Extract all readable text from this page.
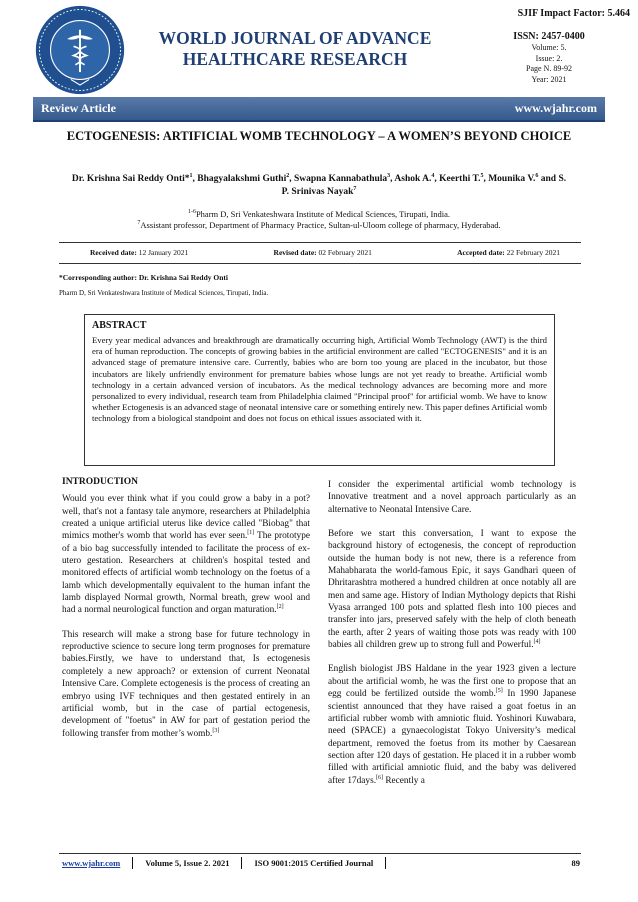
WORLD JOURNAL OF ADVANCE HEALTHCARE RESEARCH
SJIF Impact Factor: 5.464
ISSN: 2457-0400
Volume: 5.
Issue: 2.
Page N. 89-92
Year: 2021
Review Article	www.wjahr.com
ECTOGENESIS: ARTIFICIAL WOMB TECHNOLOGY – A WOMEN’S BEYOND CHOICE
Dr. Krishna Sai Reddy Onti*$^1$, Bhagyalakshmi Guthi$^2$, Swapna Kannabathula$^3$, Ashok A.$^4$, Keerthi T.$^5$, Mounika V.$^6$ and S. P. Srinivas Nayak$^7$
$^{1-6}$Pharm D, Sri Venkateshwara Institute of Medical Sciences, Tirupati, India.
$^7$Assistant professor, Department of Pharmacy Practice, Sultan-ul-Uloom college of pharmacy, Hyderabad.
Received date: 12 January 2021	Revised date: 02 February 2021	Accepted date: 22 February 2021
*Corresponding author: Dr. Krishna Sai Reddy Onti
Pharm D, Sri Venkateshwara Institute of Medical Sciences, Tirupati, India.
ABSTRACT

Every year medical advances and breakthrough are dramatically occurring high, Artificial Womb Technology (AWT) is the third era of human reproduction. The concepts of growing babies in the artificial environment are called "ECTOGENESIS" and it is an advanced stage of premature intensive care. Currently, babies who are born too young are placed in the incubator, but those incubators are likely unfriendly environment for premature babies whose lungs are not yet ready to breathe. Artificial womb technology in a certain advanced version of incubators. As the medical technology advances are becoming more and more personalized to every individual, research team from Philadelphia claimed "Principal proof" for artificial womb. We have to know whether Ectogenesis is an advanced stage of neonatal intensive care or something entirely new. This paper defines Artificial womb technology from a biological standpoint and does not focus on ethical issues associated with it.

INTRODUCTION

Would you ever think what if you could grow a baby in a pot? well, that's not a fantasy tale anymore, researchers at Philadelphia created a unique artificial uterus like device called "Biobag" that mimics mother's womb that world has ever seen.[1] The prototype of a bio bag successfully intended to facilitate the process of ex-utero gestation. Researchers at children's hospital tested and monitored effects of artificial womb technology on the foetus of a lamb which developmentally equivalent to the human infant the lamb displayed Normal growth, Normal breath, grew wool and had a normal neurological function and organ maturation.[2]

This research will make a strong base for future technology in reproductive science to secure long term prognoses for premature babies.Firstly, we have to understand that, Is ectogenesis completely a new approach? or extension of current Neonatal Intensive Care. Complete ectogenesis is the process of creating an embryo using IVF techniques and then gestated entirely in an artificial womb, but in the case of partial ectogenesis, development of "foetus" in AW for part of gestation period the following transfer from mother’s womb.[3]

I consider the experimental artificial womb technology is Innovative treatment and a novel approach particularly as an alternative to Neonatal Intensive Care.

Before we start this conversation, I want to expose the background history of ectogenesis, the concept of reproduction outside the human body is not new, there is a reference from Mahabharata the world-famous Epic, it says Gandhari queen of Dhritarashtra mothered a hundred children at once notably all are men and same age. History of Indian Mythology depicts that Rishi Vyasa arranged 100 pots and splatted flesh into 100 pieces and transfer into jars, preserved safely with the help of cloth beneath the earth, after 2 years of waiting those pots was ready with 100 babies all children grew up to strong full and Powerful.[4]

English biologist JBS Haldane in the year 1923 given a lecture about the artificial womb, he was the first one to propose that an egg could be fertilized outside the womb.[5] In 1990 Japanese scientist announced that they have raised a goat foetus in an artificial rubber womb with amniotic fluid. Yoshinori Kuwabara, need (SPACE) a gynaecologistat Tokyo University’s medical department, removed the foetus from its mother by Caesarean section after 120 days of gestation. He placed it in a rubber womb filled with artificial amniotic fluid, and the baby was delivered after 17days.[6] Recently a

www.wjahr.com	Volume 5, Issue 2. 2021	ISO 9001:2015 Certified Journal	89
